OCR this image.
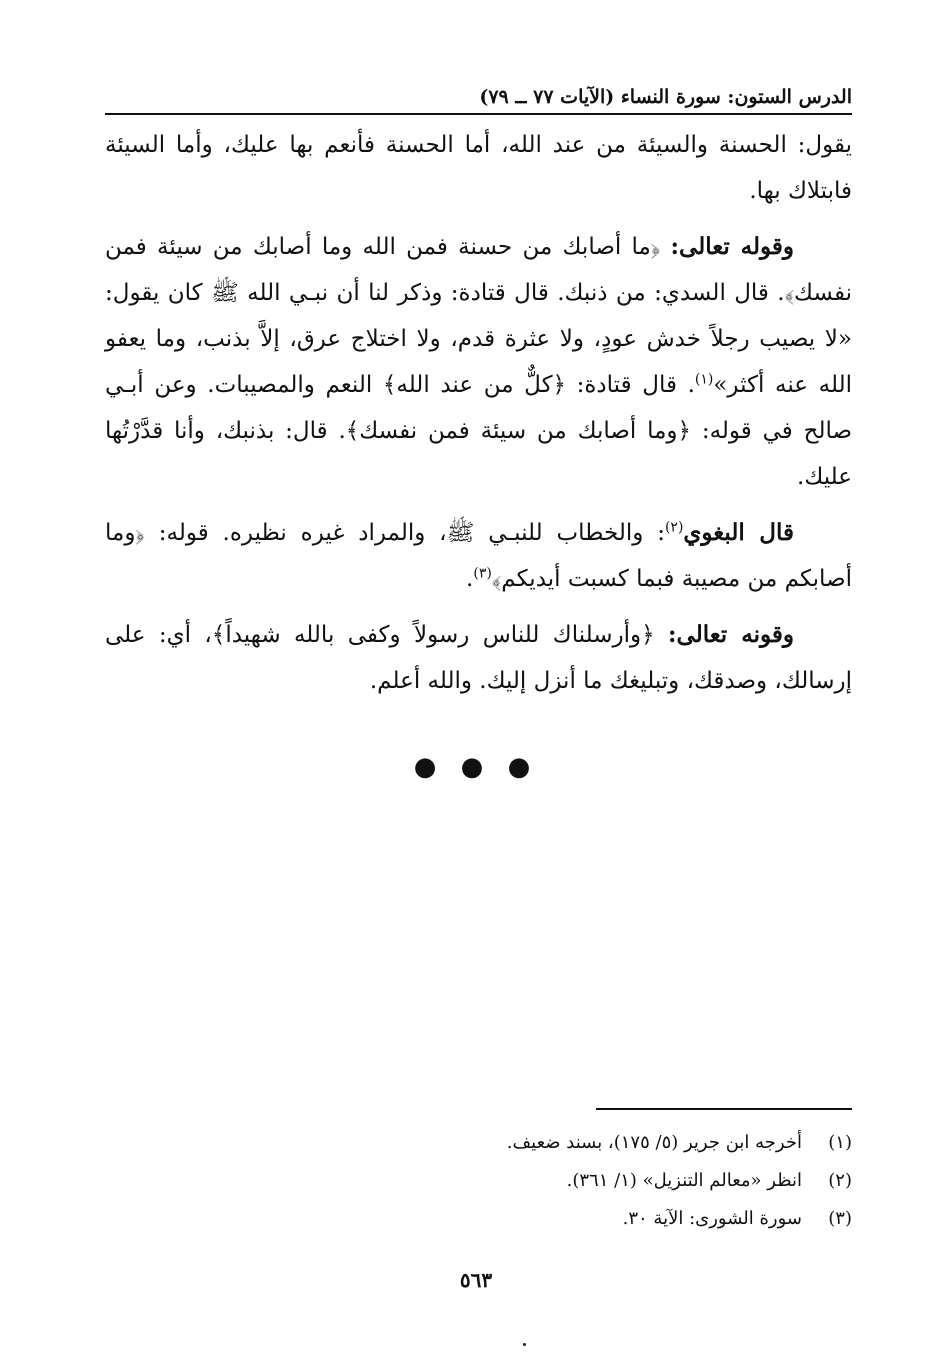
الدرس الستون: سورة النساء (الآيات ٧٧ ــ ٧٩)

يقول: الحسنة والسيئة من عند الله، أما الحسنة فأنعم بها عليك، وأما السيئة فابتلاك بها.

وقوله تعالى: ﴿ما أصابك من حسنة فمن الله وما أصابك من سيئة فمن نفسك﴾. قال السدي: من ذنبك. قال قتادة: وذكر لنا أن نبـي الله ﷺ كان يقول: «لا يصيب رجلاً خدش عودٍ، ولا عثرة قدم، ولا اختلاج عرق، إلاَّ بذنب، وما يعفو الله عنه أكثر»$^{(١)}$. قال قتادة: ﴿كلٌّ من عند الله﴾ النعم والمصيبات. وعن أبـي صالح في قوله: ﴿وما أصابك من سيئة فمن نفسك﴾. قال: بذنبك، وأنا قدَّرْتُها عليك.

قال البغوي$^{(٢)}$: والخطاب للنبـي ﷺ، والمراد غيره نظيره. قوله: ﴿وما أصابكم من مصيبة فبما كسبت أيديكم﴾$^{(٣)}$.

وقونه تعالى: ﴿وأرسلناك للناس رسولاً وكفى بالله شهيداً﴾، أي: على إرسالك، وصدقك، وتبليغك ما أنزل إليك. والله أعلم.

● ● ●
(١)أخرجه ابن جرير (٥/ ١٧٥)، بسند ضعيف.
(٢)انظر «معالم التنزيل» (١/ ٣٦١).
(٣)سورة الشورى: الآية ٣٠.
٥٦٣
